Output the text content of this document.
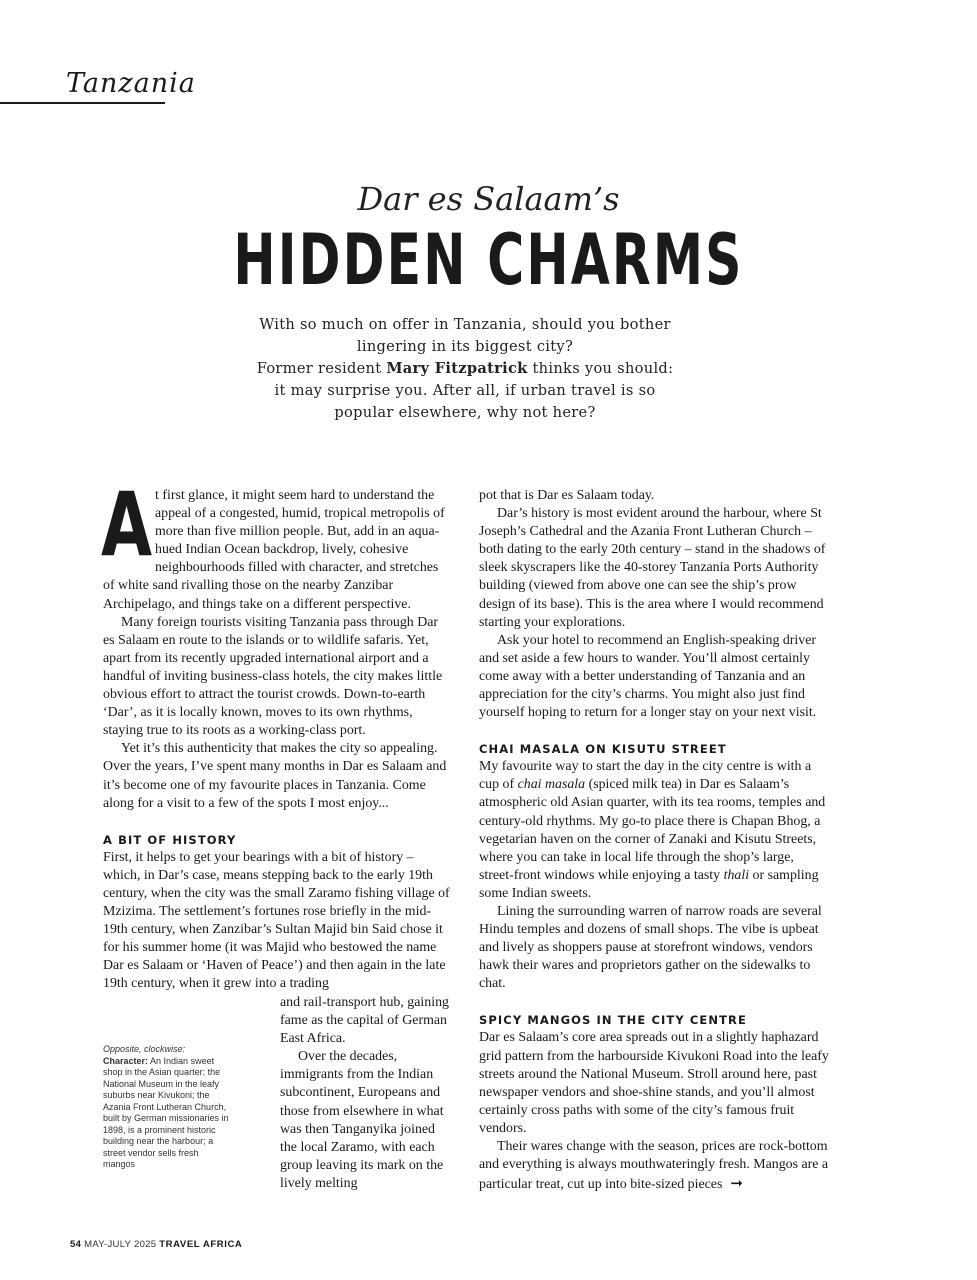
Tanzania
Dar es Salaam’s
HIDDEN CHARMS

With so much on offer in Tanzania, should you bother lingering in its biggest city?

Former resident Mary Fitzpatrick thinks you should: it may surprise you. After all, if urban travel is so popular elsewhere, why not here?

At first glance, it might seem hard to understand the appeal of a congested, humid, tropical metropolis of more than five million people. But, add in an aqua-hued Indian Ocean backdrop, lively, cohesive neighbourhoods filled with character, and stretches of white sand rivalling those on the nearby Zanzibar Archipelago, and things take on a different perspective.

Many foreign tourists visiting Tanzania pass through Dar es Salaam en route to the islands or to wildlife safaris. Yet, apart from its recently upgraded international airport and a handful of inviting business-class hotels, the city makes little obvious effort to attract the tourist crowds. Down-to-earth ‘Dar’, as it is locally known, moves to its own rhythms, staying true to its roots as a working-class port.

Yet it’s this authenticity that makes the city so appealing. Over the years, I’ve spent many months in Dar es Salaam and it’s become one of my favourite places in Tanzania. Come along for a visit to a few of the spots I most enjoy...

A BIT OF HISTORY

First, it helps to get your bearings with a bit of history – which, in Dar’s case, means stepping back to the early 19th century, when the city was the small Zaramo fishing village of Mzizima. The settlement’s fortunes rose briefly in the mid-19th century, when Zanzibar’s Sultan Majid bin Said chose it for his summer home (it was Majid who bestowed the name Dar es Salaam or ‘Haven of Peace’) and then again in the late 19th century, when it grew into a trading

and rail-transport hub, gaining fame as the capital of German East Africa.

Over the decades, immigrants from the Indian subcontinent, Europeans and those from elsewhere in what was then Tanganyika joined the local Zaramo, with each group leaving its mark on the lively melting

Opposite, clockwise:
Character: An Indian sweet shop in the Asian quarter; the National Museum in the leafy suburbs near Kivukoni; the Azania Front Lutheran Church, built by German missionaries in 1898, is a prominent historic building near the harbour; a street vendor sells fresh mangos

pot that is Dar es Salaam today.

Dar’s history is most evident around the harbour, where St Joseph’s Cathedral and the Azania Front Lutheran Church – both dating to the early 20th century – stand in the shadows of sleek skyscrapers like the 40-storey Tanzania Ports Authority building (viewed from above one can see the ship’s prow design of its base). This is the area where I would recommend starting your explorations.

Ask your hotel to recommend an English-speaking driver and set aside a few hours to wander. You’ll almost certainly come away with a better understanding of Tanzania and an appreciation for the city’s charms. You might also just find yourself hoping to return for a longer stay on your next visit.

CHAI MASALA ON KISUTU STREET

My favourite way to start the day in the city centre is with a cup of chai masala (spiced milk tea) in Dar es Salaam’s atmospheric old Asian quarter, with its tea rooms, temples and century-old rhythms. My go-to place there is Chapan Bhog, a vegetarian haven on the corner of Zanaki and Kisutu Streets, where you can take in local life through the shop’s large, street-front windows while enjoying a tasty thali or sampling some Indian sweets.

Lining the surrounding warren of narrow roads are several Hindu temples and dozens of small shops. The vibe is upbeat and lively as shoppers pause at storefront windows, vendors hawk their wares and proprietors gather on the sidewalks to chat.

SPICY MANGOS IN THE CITY CENTRE

Dar es Salaam’s core area spreads out in a slightly haphazard grid pattern from the harbourside Kivukoni Road into the leafy streets around the National Museum. Stroll around here, past newspaper vendors and shoe-shine stands, and you’ll almost certainly cross paths with some of the city’s famous fruit vendors.

Their wares change with the season, prices are rock-bottom and everything is always mouthwateringly fresh. Mangos are a particular treat, cut up into bite-sized pieces ➞

54 MAY-JULY 2025 TRAVEL AFRICA
